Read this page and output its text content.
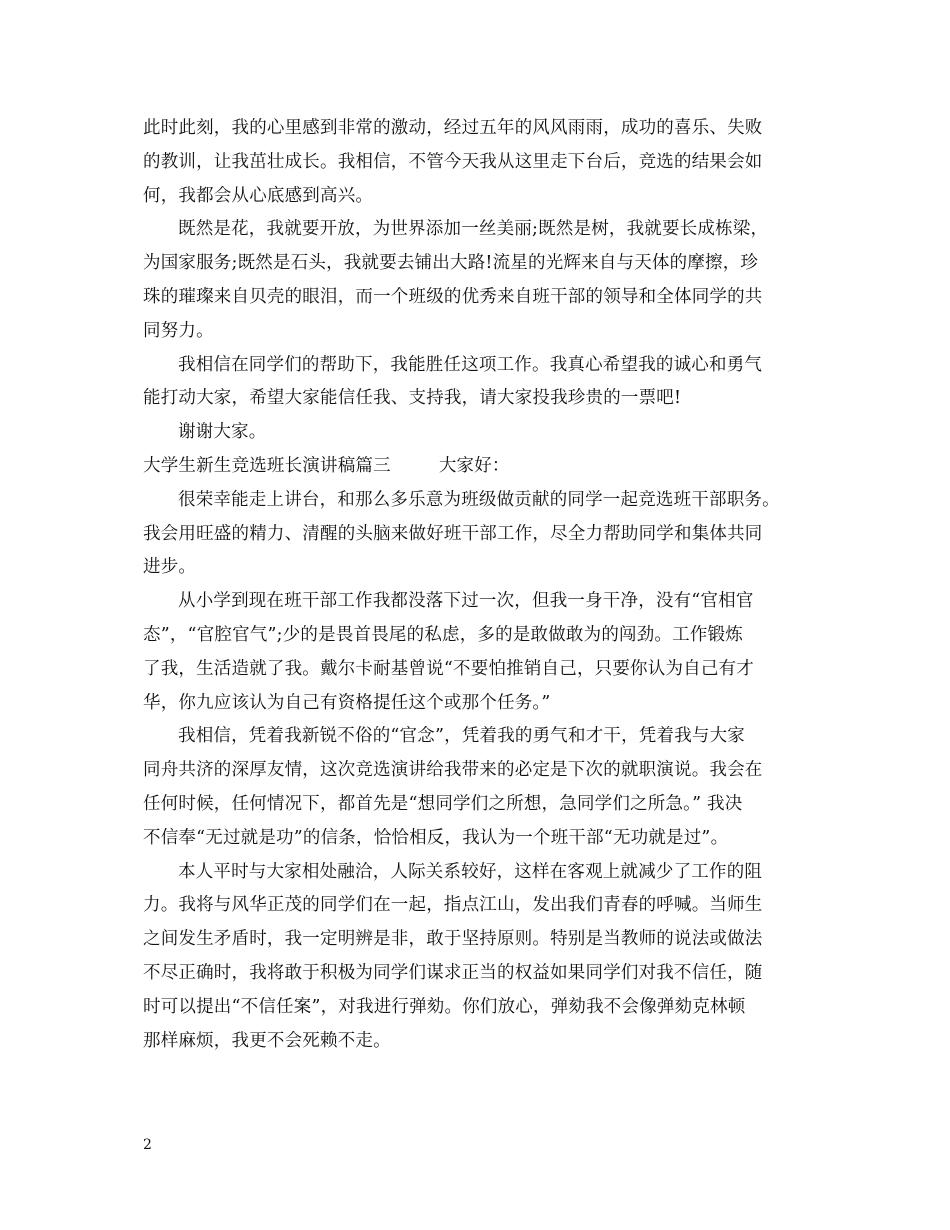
此时此刻，我的心里感到非常的激动，经过五年的风风雨雨，成功的喜乐、失败
的教训，让我茁壮成长。我相信，不管今天我从这里走下台后，竞选的结果会如
何，我都会从心底感到高兴。
既然是花，我就要开放，为世界添加一丝美丽;既然是树，我就要长成栋梁，
为国家服务;既然是石头，我就要去铺出大路!流星的光辉来自与天体的摩擦，珍
珠的璀璨来自贝壳的眼泪，而一个班级的优秀来自班干部的领导和全体同学的共
同努力。
我相信在同学们的帮助下，我能胜任这项工作。我真心希望我的诚心和勇气
能打动大家，希望大家能信任我、支持我，请大家投我珍贵的一票吧!
谢谢大家。
大学生新生竞选班长演讲稿篇三	大家好：
很荣幸能走上讲台，和那么多乐意为班级做贡献的同学一起竞选班干部职务。
我会用旺盛的精力、清醒的头脑来做好班干部工作，尽全力帮助同学和集体共同
进步。
从小学到现在班干部工作我都没落下过一次，但我一身干净，没有“官相官
态”，“官腔官气”;少的是畏首畏尾的私虑，多的是敢做敢为的闯劲。工作锻炼
了我，生活造就了我。戴尔卡耐基曾说“不要怕推销自己，只要你认为自己有才
华，你九应该认为自己有资格提任这个或那个任务。”
我相信，凭着我新锐不俗的“官念”，凭着我的勇气和才干，凭着我与大家
同舟共济的深厚友情，这次竞选演讲给我带来的必定是下次的就职演说。我会在
任何时候，任何情况下，都首先是“想同学们之所想，急同学们之所急。” 我决
不信奉“无过就是功”的信条，恰恰相反，我认为一个班干部“无功就是过”。
本人平时与大家相处融洽，人际关系较好，这样在客观上就减少了工作的阻
力。我将与风华正茂的同学们在一起，指点江山，发出我们青春的呼喊。当师生
之间发生矛盾时，我一定明辨是非，敢于坚持原则。特别是当教师的说法或做法
不尽正确时，我将敢于积极为同学们谋求正当的权益如果同学们对我不信任，随
时可以提出“不信任案”，对我进行弹劾。你们放心，弹劾我不会像弹劾克林顿
那样麻烦，我更不会死赖不走。
2
